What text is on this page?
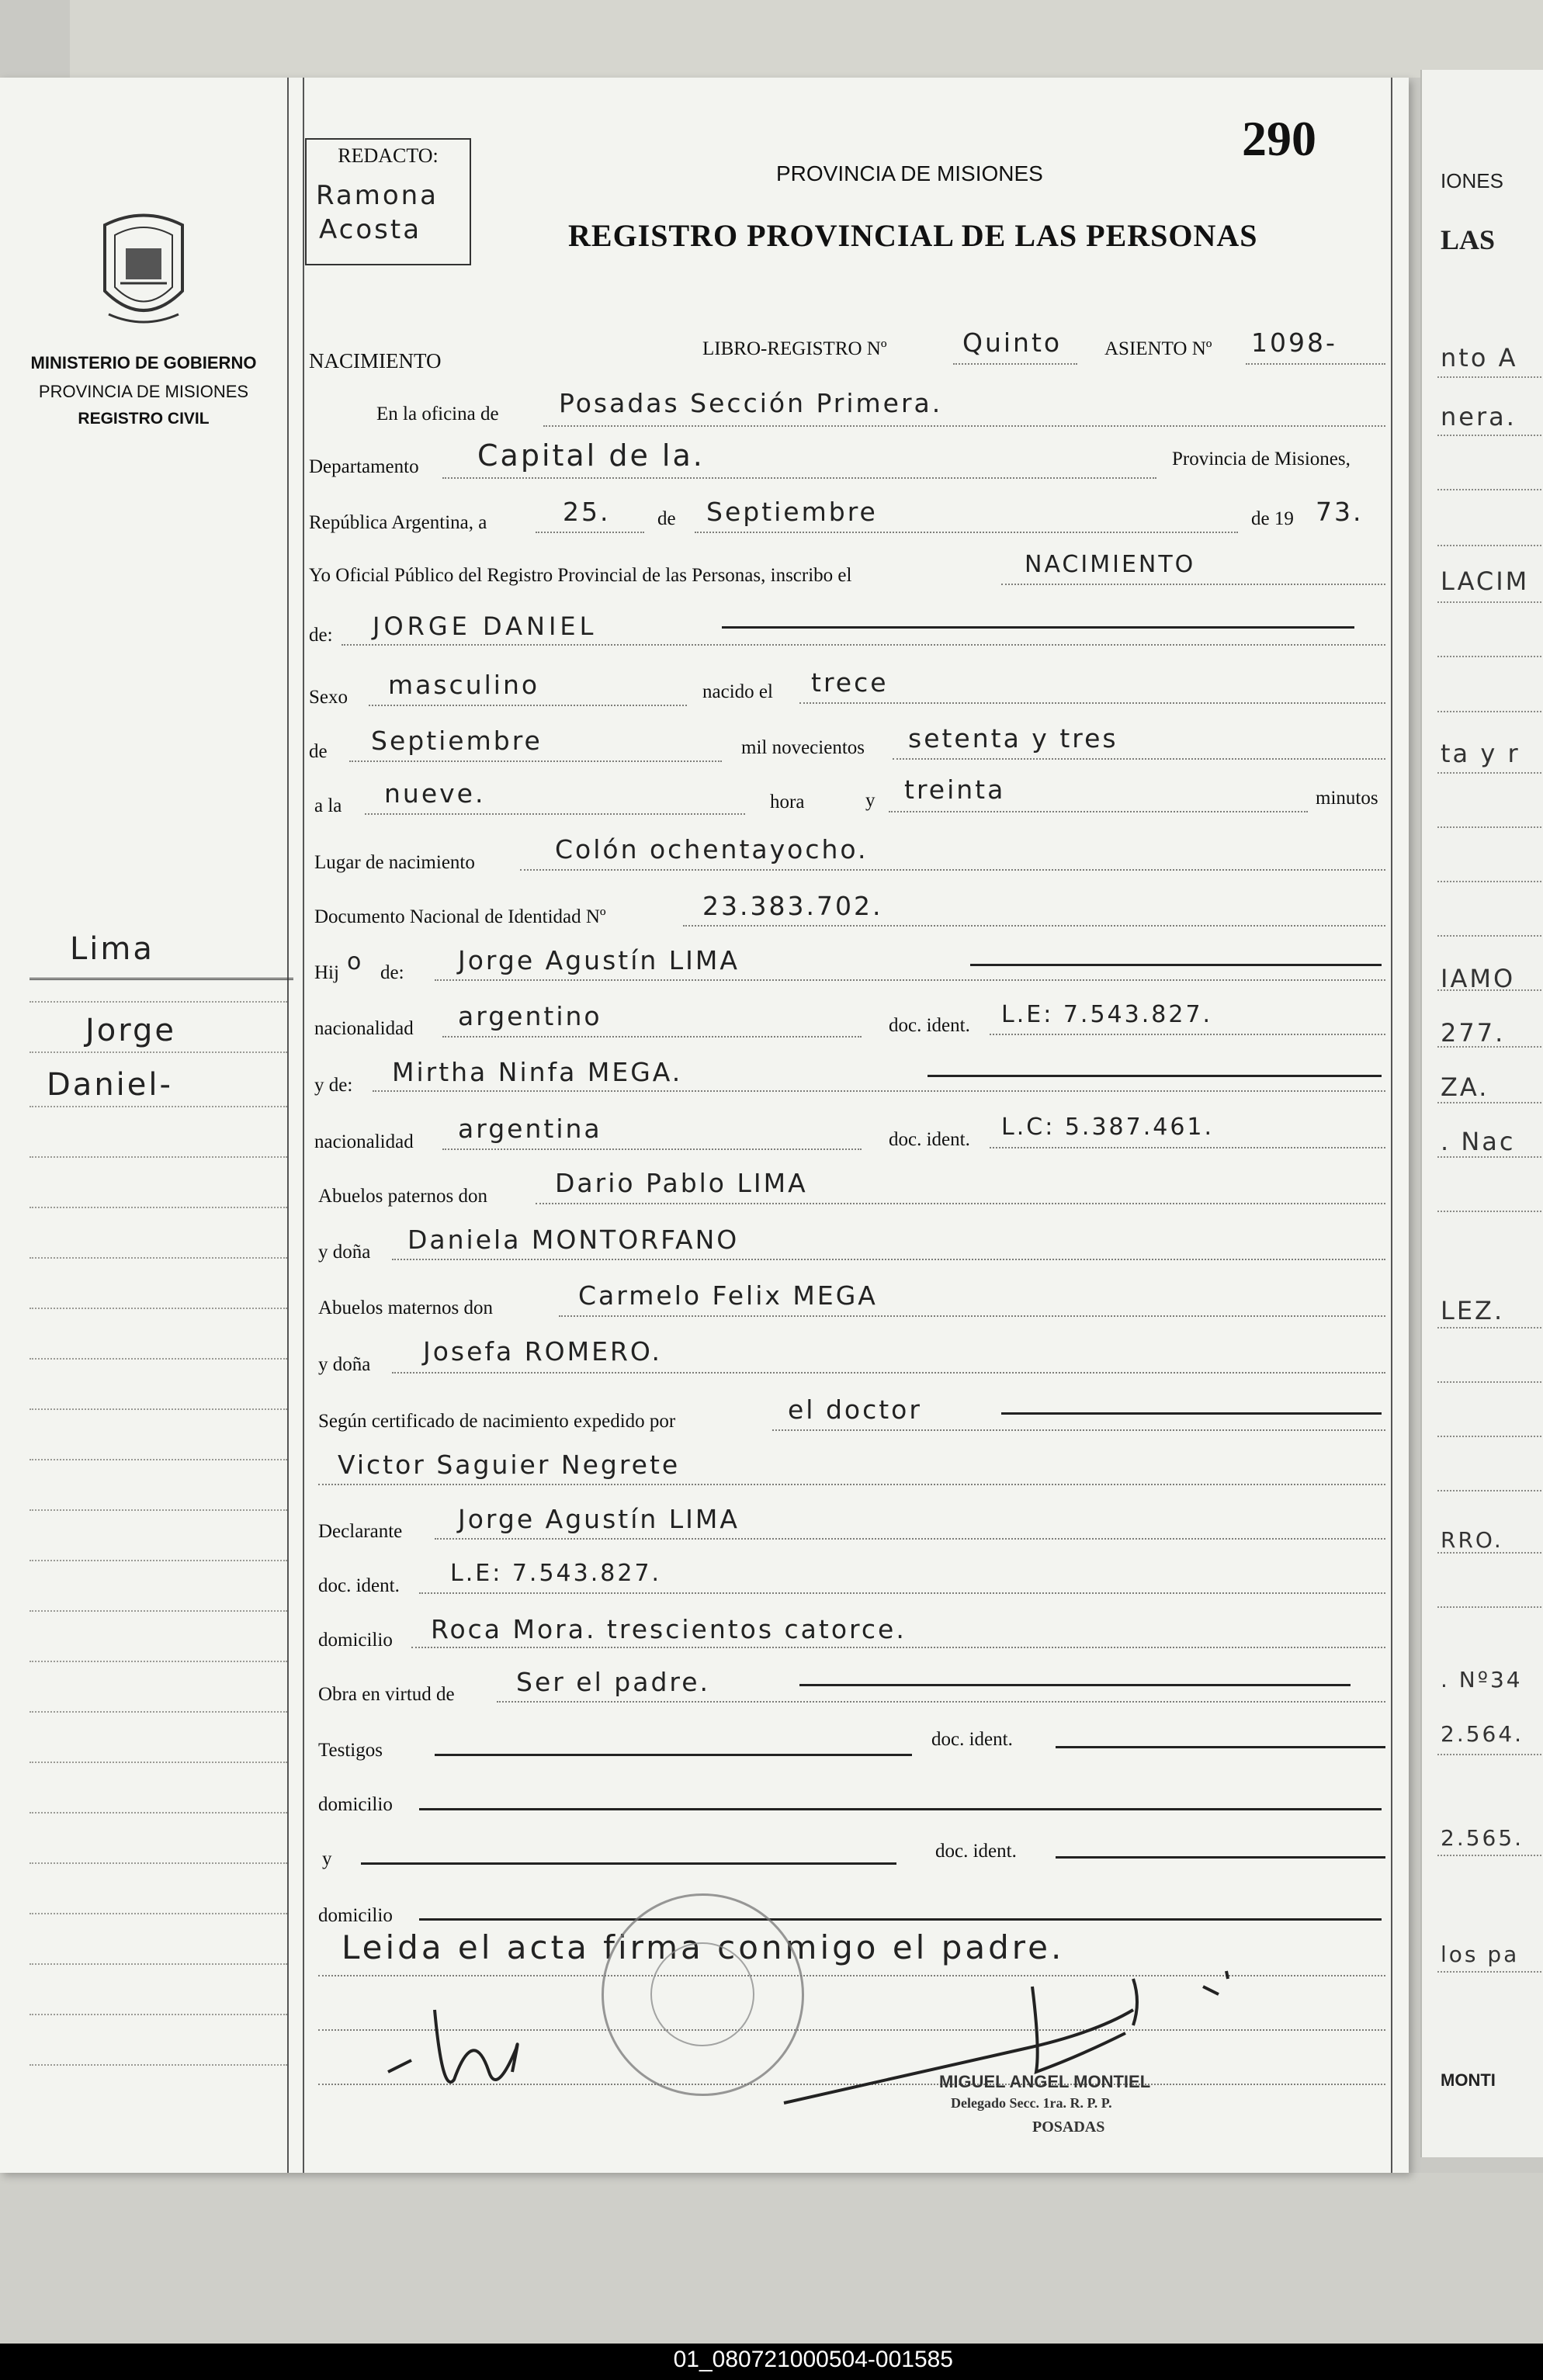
IONES
LAS
nto A
nera.
LACIM
ta y r
IAMO
277.
ZA.
. Nac
LEZ.
RRO.
. Nº34
2.564.
2.565.
los pa
MONTI
MINISTERIO DE GOBIERNO
PROVINCIA DE MISIONES
REGISTRO CIVIL
Lima
Jorge
Daniel-
REDACTO:
Ramona
Acosta
290
PROVINCIA DE MISIONES
REGISTRO PROVINCIAL DE LAS PERSONAS
NACIMIENTO
LIBRO-REGISTRO Nº	Quinto ASIENTO Nº 1098-
En la oficina de Posadas Sección Primera.
Departamento Capital de la.	Provincia de Misiones,
República Argentina, a	25. de Septiembre	de 19 73.
Yo Oficial Público del Registro Provincial de las Personas, inscribo el	NACIMIENTO
de: JORGE DANIEL
Sexo masculino	nacido el trece
de Septiembre	mil novecientos setenta y tres
a la nueve.	hora	y treinta	minutos
Lugar de nacimiento	Colón ochentayocho.
Documento Nacional de Identidad Nº	23.383.702.
Hij o de: Jorge Agustín LIMA
nacionalidad argentino	doc. ident. L.E: 7.543.827.
y de: Mirtha Ninfa MEGA.
nacionalidad argentina	doc. ident. L.C: 5.387.461.
Abuelos paternos don	Dario Pablo LIMA
y doña Daniela MONTORFANO
Abuelos maternos don	Carmelo Felix MEGA
y doña Josefa ROMERO.
Según certificado de nacimiento expedido por	el doctor
Victor Saguier Negrete
Declarante Jorge Agustín LIMA
doc. ident. L.E: 7.543.827.
domicilio Roca Mora. trescientos catorce.
Obra en virtud de Ser el padre.
Testigos
doc. ident.
domicilio
y	doc. ident.
domicilio
Leida el acta firma conmigo el padre.
MIGUEL ANGEL MONTIEL
Delegado Secc. 1ra. R. P. P.
POSADAS
01_080721000504-001585
